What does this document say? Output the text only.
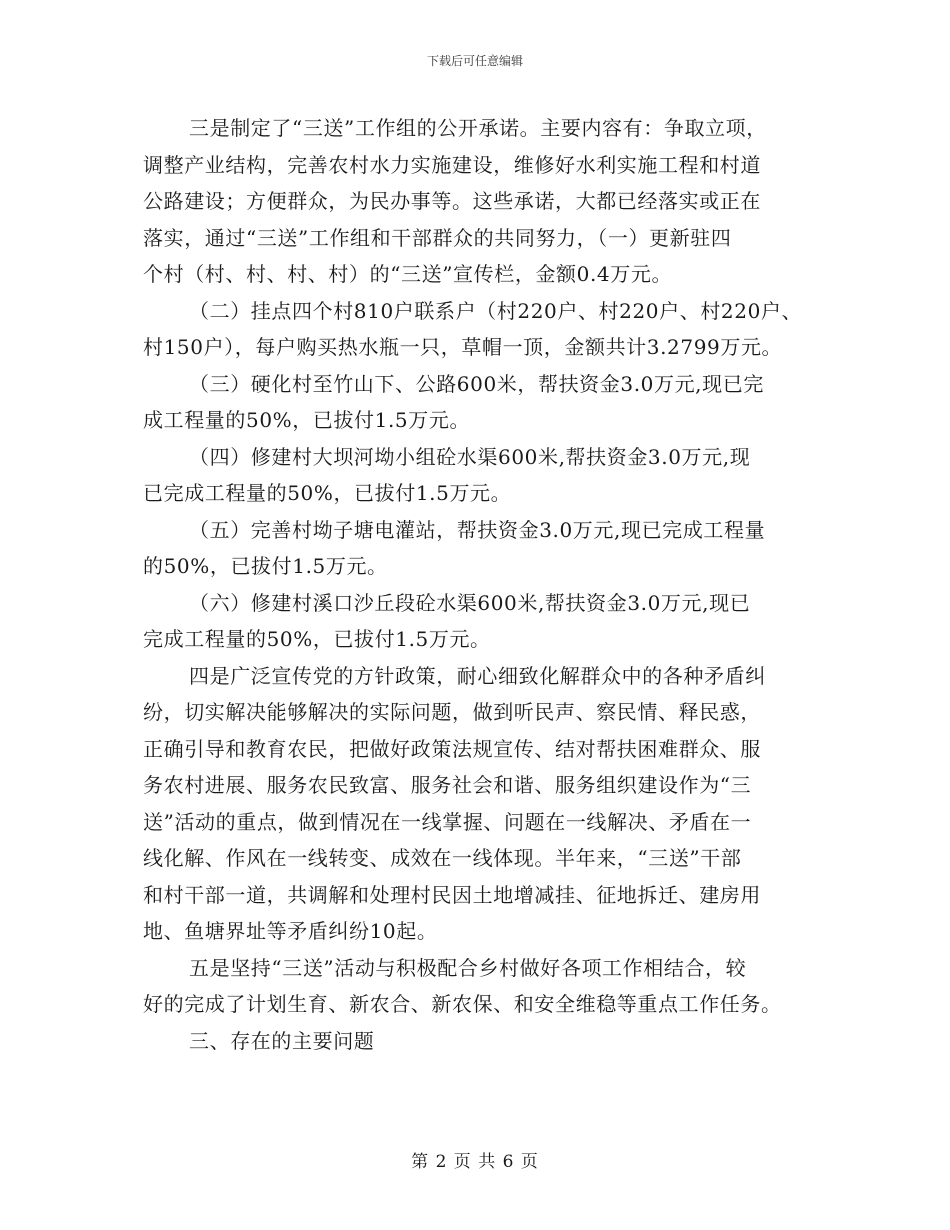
下载后可任意编辑

三是制定了“三送”工作组的公开承诺。主要内容有：争取立项，
调整产业结构，完善农村水力实施建设，维修好水利实施工程和村道
公路建设；方便群众，为民办事等。这些承诺，大都已经落实或正在
落实，通过“三送”工作组和干部群众的共同努力，（一）更新驻四
个村（村、村、村、村）的“三送”宣传栏，金额0.4万元。

（二）挂点四个村810户联系户（村220户、村220户、村220户、
村150户），每户购买热水瓶一只，草帽一顶，金额共计3.2799万元。

（三）硬化村至竹山下、公路600米，帮扶资金3.0万元,现已完
成工程量的50%，已拔付1.5万元。

（四）修建村大坝河坳小组砼水渠600米,帮扶资金3.0万元,现
已完成工程量的50%，已拔付1.5万元。

（五）完善村坳子塘电灌站，帮扶资金3.0万元,现已完成工程量
的50%，已拔付1.5万元。

（六）修建村溪口沙丘段砼水渠600米,帮扶资金3.0万元,现已
完成工程量的50%，已拔付1.5万元。

四是广泛宣传党的方针政策，耐心细致化解群众中的各种矛盾纠
纷，切实解决能够解决的实际问题，做到听民声、察民情、释民惑，
正确引导和教育农民，把做好政策法规宣传、结对帮扶困难群众、服
务农村进展、服务农民致富、服务社会和谐、服务组织建设作为“三
送”活动的重点，做到情况在一线掌握、问题在一线解决、矛盾在一
线化解、作风在一线转变、成效在一线体现。半年来，“三送”干部
和村干部一道，共调解和处理村民因土地增减挂、征地拆迁、建房用
地、鱼塘界址等矛盾纠纷10起。

五是坚持“三送”活动与积极配合乡村做好各项工作相结合，较
好的完成了计划生育、新农合、新农保、和安全维稳等重点工作任务。

三、存在的主要问题

第 2 页 共 6 页
